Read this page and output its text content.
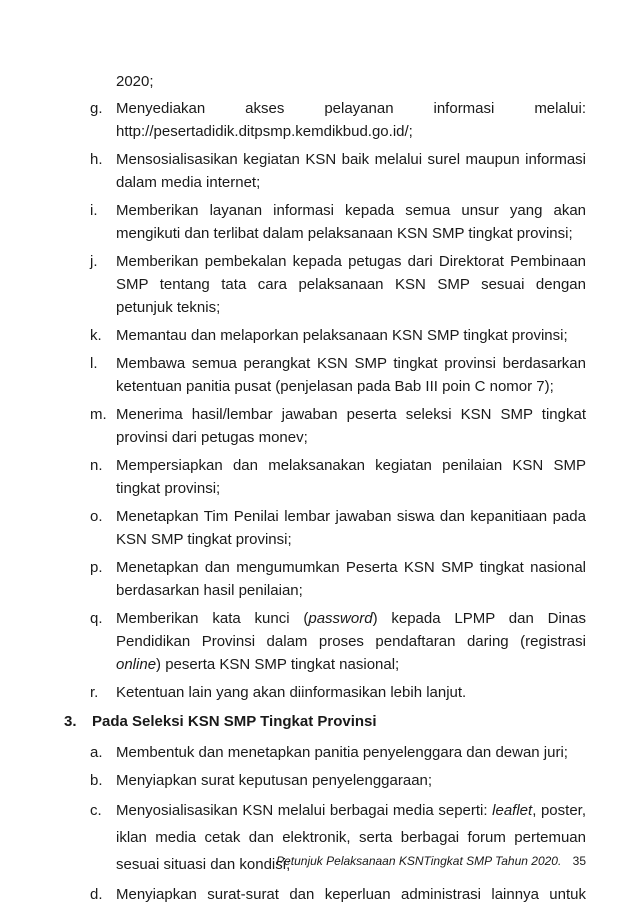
2020;
g. Menyediakan akses pelayanan informasi melalui: http://pesertadidik.ditpsmp.kemdikbud.go.id/;
h. Mensosialisasikan kegiatan KSN baik melalui surel maupun informasi dalam media internet;
i.	Memberikan layanan informasi kepada semua unsur yang akan mengikuti dan terlibat dalam pelaksanaan KSN SMP tingkat provinsi;
j.	Memberikan pembekalan kepada petugas dari Direktorat Pembinaan SMP tentang tata cara pelaksanaan KSN SMP sesuai dengan petunjuk teknis;
k. Memantau dan melaporkan pelaksanaan KSN SMP tingkat provinsi;
l.	Membawa semua perangkat KSN SMP tingkat provinsi berdasarkan ketentuan panitia pusat (penjelasan pada Bab III poin C nomor 7);
m. Menerima hasil/lembar jawaban peserta seleksi KSN SMP tingkat provinsi dari petugas monev;
n. Mempersiapkan dan melaksanakan kegiatan penilaian KSN SMP tingkat provinsi;
o. Menetapkan Tim Penilai lembar jawaban siswa dan kepanitiaan pada KSN SMP tingkat provinsi;
p. Menetapkan dan mengumumkan Peserta KSN SMP tingkat nasional berdasarkan hasil penilaian;
q. Memberikan kata kunci (password) kepada LPMP dan Dinas Pendidikan Provinsi dalam proses pendaftaran daring (registrasi online) peserta KSN SMP tingkat nasional;
r.	Ketentuan lain yang akan diinformasikan lebih lanjut.
3. Pada Seleksi KSN SMP Tingkat Provinsi
a. Membentuk dan menetapkan panitia penyelenggara dan dewan juri;
b. Menyiapkan surat keputusan penyelenggaraan;
c. Menyosialisasikan KSN melalui berbagai media seperti: leaflet, poster, iklan media cetak dan elektronik, serta berbagai forum pertemuan sesuai situasi dan kondisi;
d. Menyiapkan surat-surat dan keperluan administrasi lainnya untuk
Petunjuk Pelaksanaan KSNTingkat SMP Tahun 2020. 35
